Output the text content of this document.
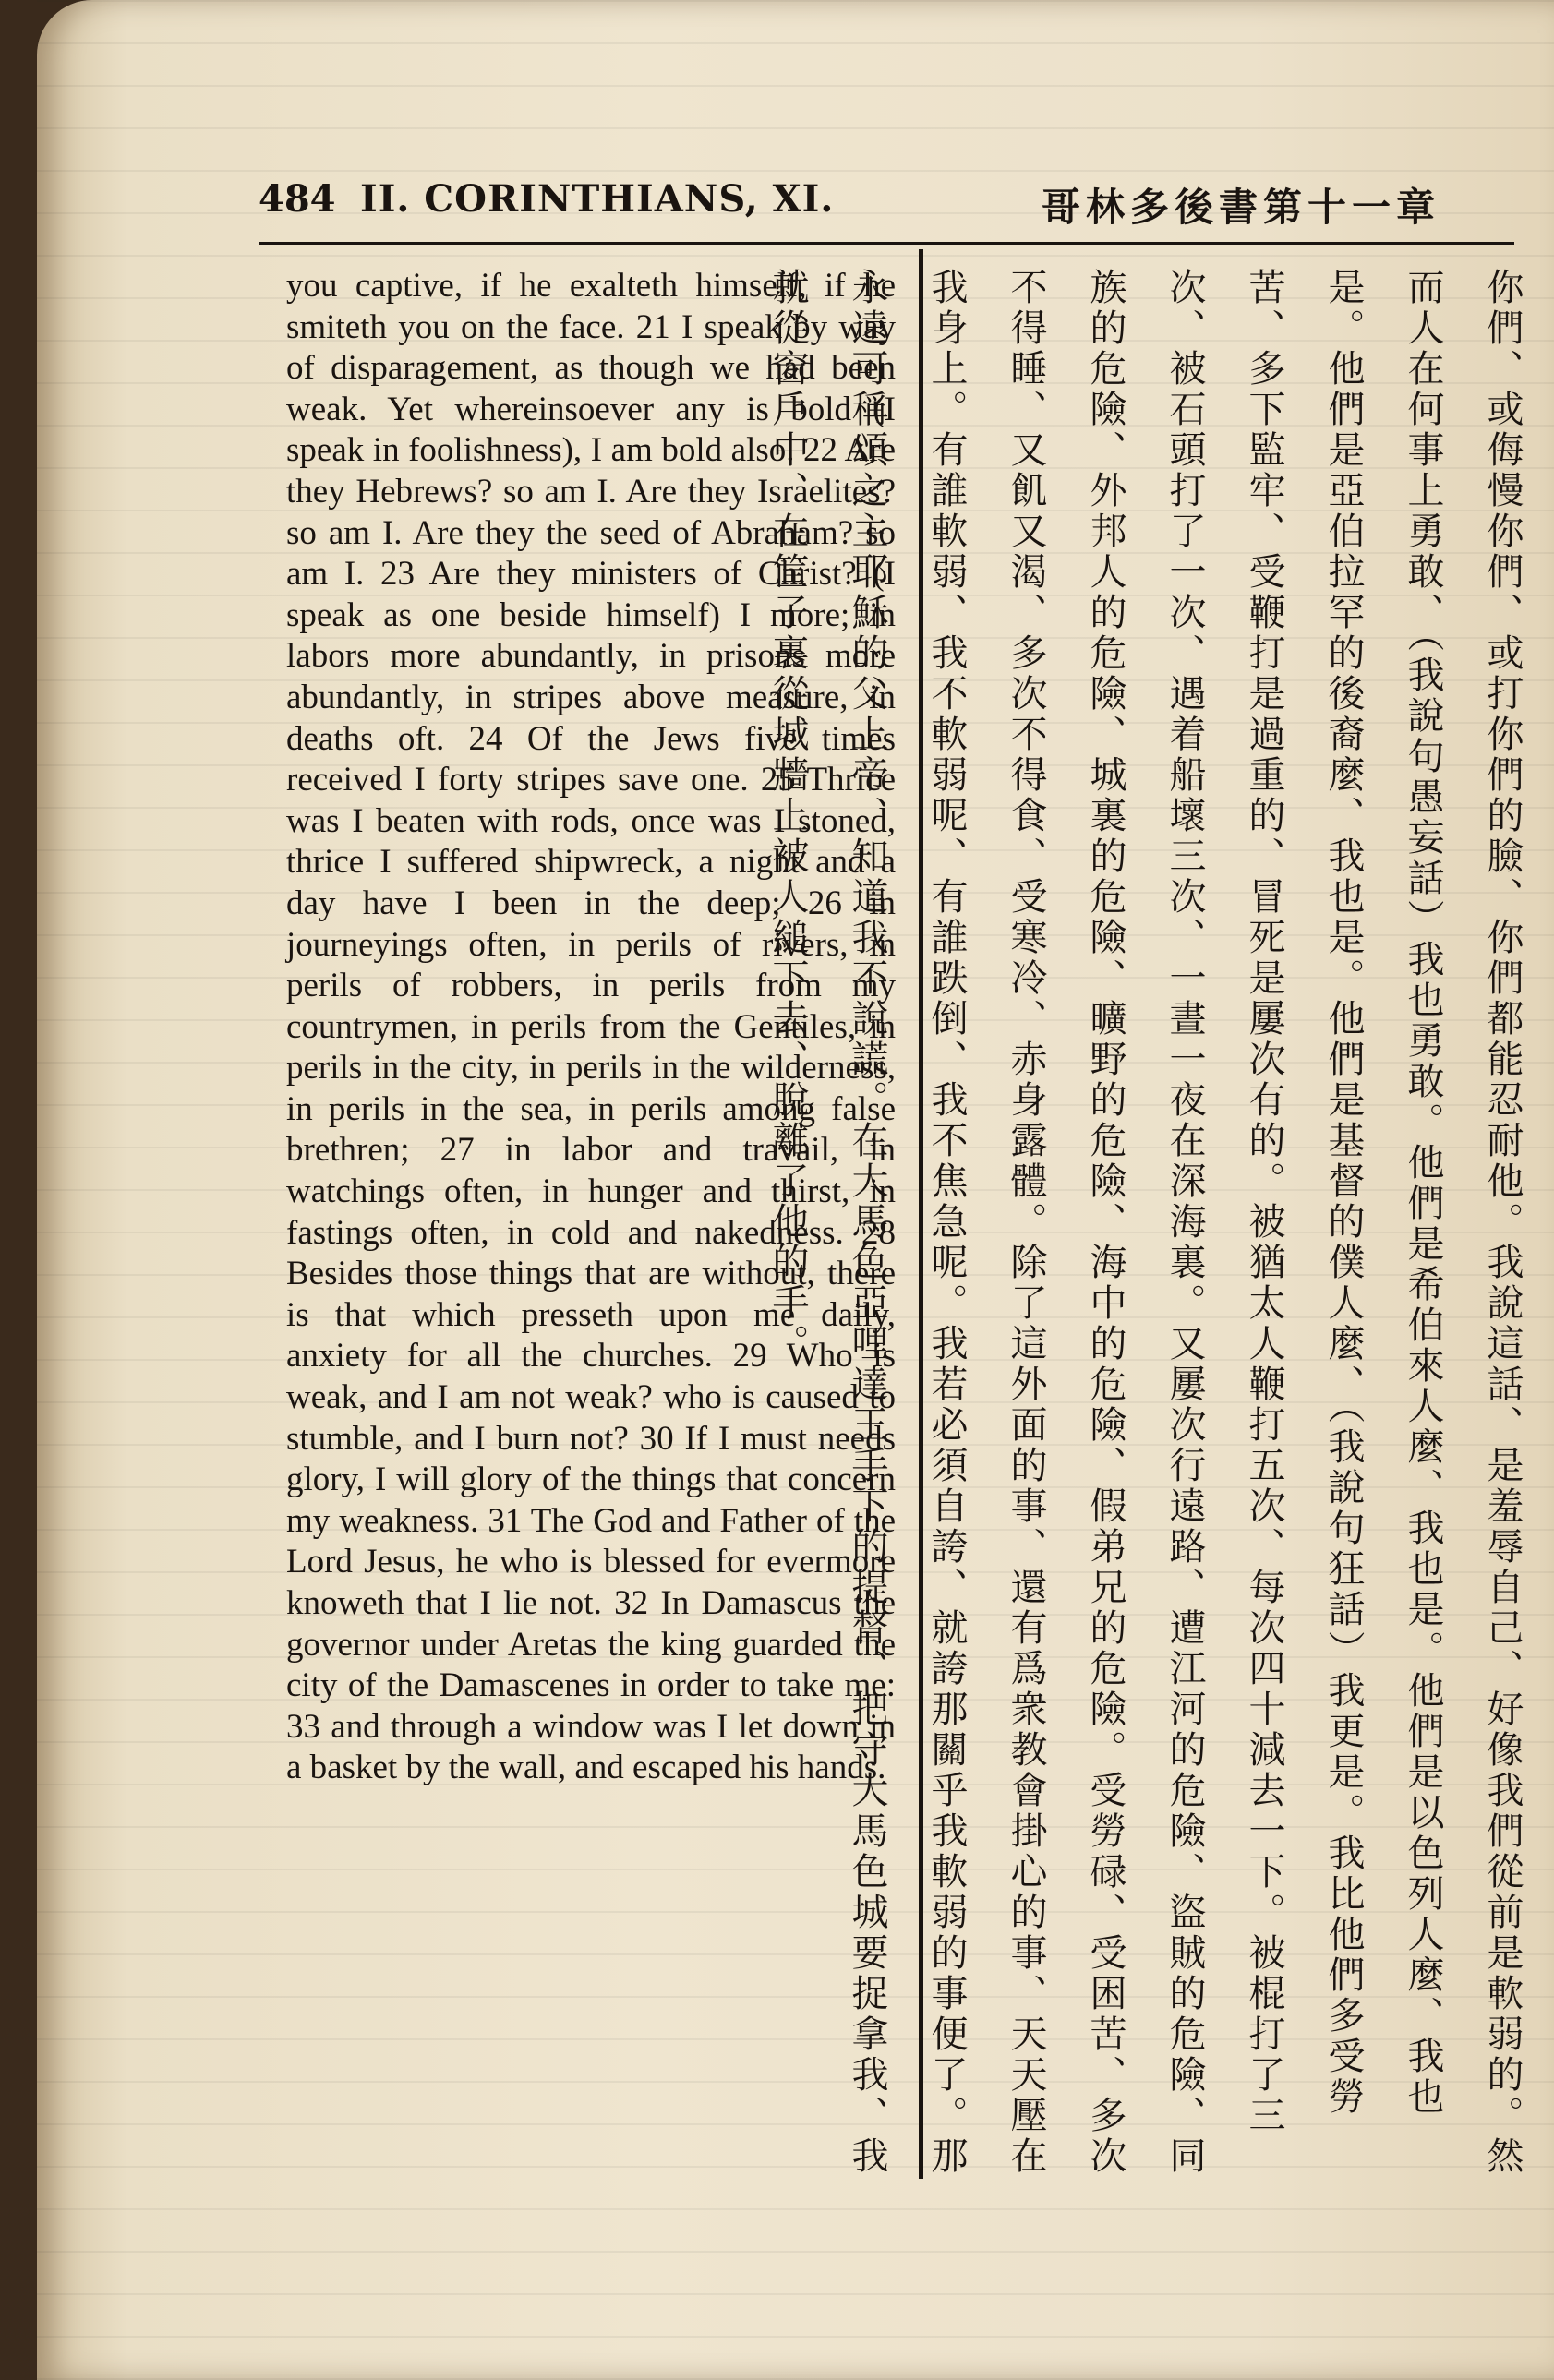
484 II. CORINTHIANS, XI.	哥林多後書第十一章

you captive, if he exalteth himself, if he smiteth you on the face. 21 I speak by way of disparagement, as though we had been weak. Yet whereinsoever any is bold (I speak in foolishness), I am bold also. 22 Are they Hebrews? so am I. Are they Israelites? so am I. Are they the seed of Abraham? so am I. 23 Are they ministers of Christ? (I speak as one beside himself) I more; in labors more abundantly, in prisons more abundantly, in stripes above measure, in deaths oft. 24 Of the Jews five times received I forty stripes save one. 25 Thrice was I beaten with rods, once was I stoned, thrice I suffered shipwreck, a night and a day have I been in the deep; 26 in journeyings often, in perils of rivers, in perils of robbers, in perils from my countrymen, in perils from the Gentiles, in perils in the city, in perils in the wilderness, in perils in the sea, in perils among false brethren; 27 in labor and travail, in watchings often, in hunger and thirst, in fastings often, in cold and nakedness. 28 Besides those things that are without, there is that which presseth upon me daily, anxiety for all the churches. 29 Who is weak, and I am not weak? who is caused to stumble, and I burn not? 30 If I must needs glory, I will glory of the things that concern my weakness. 31 The God and Father of the Lord Jesus, he who is blessed for evermore knoweth that I lie not. 32 In Damascus the governor under Aretas the king guarded the city of the Damascenes in order to take me: 33 and through a window was I let down in a basket by the wall, and escaped his hands.	你們、或侮慢你們、或打你們的臉、你們都能忍耐他。我說這話、是羞辱自己、好像我們從前是軟弱的。然而人在何事上勇敢、（我說句愚妄話）我也勇敢。他們是希伯來人麼、我也是。他們是以色列人麼、我也是。他們是亞伯拉罕的後裔麼、我也是。他們是基督的僕人麼、（我說句狂話）我更是。我比他們多受勞苦、多下監牢、受鞭打是過重的、冒死是屢次有的。被猶太人鞭打五次、每次四十減去一下。被棍打了三次、被石頭打了一次、遇着船壞三次、一晝一夜在深海裏。又屢次行遠路、遭江河的危險、盜賊的危險、同族的危險、外邦人的危險、城裏的危險、曠野的危險、海中的危險、假弟兄的危險。受勞碌、受困苦、多次不得睡、又飢又渴、多次不得食、受寒冷、赤身露體。除了這外面的事、還有爲衆教會掛心的事、天天壓在我身上。有誰軟弱、我不軟弱呢、有誰跌倒、我不焦急呢。我若必須自誇、就誇那關乎我軟弱的事便了。那永遠可稱頌之主耶穌的父上帝、知道我不說謊。在大馬色亞哩達王手下的提督、把守大馬色城要捉拿我、我就從窗戶中、在筐子裏從城牆上被人縋下去、脫離了他的手。
